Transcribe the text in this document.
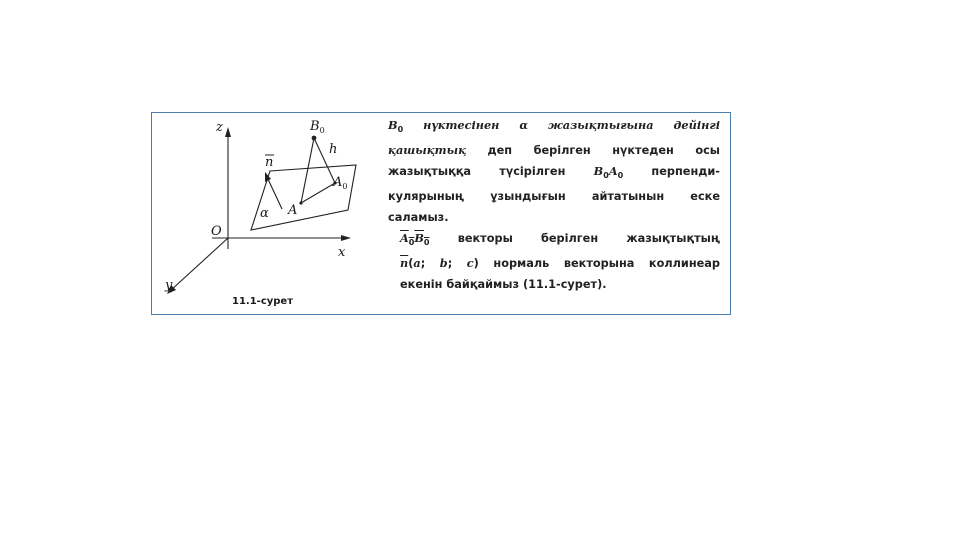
z
y
x
O
$B_0$
$A_0$
A
h
α
n
11.1-сурет

$B_0$ нүктесінен α жазықтығына дейінгі
қашықтық деп берілген нүктеден осы
жазықтыққа түсірілген $B_0A_0$ перпенди-
кулярының ұзындығын айтатынын еске
саламыз.

$A_0B_0$ векторы берілген жазықтықтың
$\overline{n}(a$; b; c) нормаль векторына коллинеар
екенін байқаймыз (11.1-сурет).
